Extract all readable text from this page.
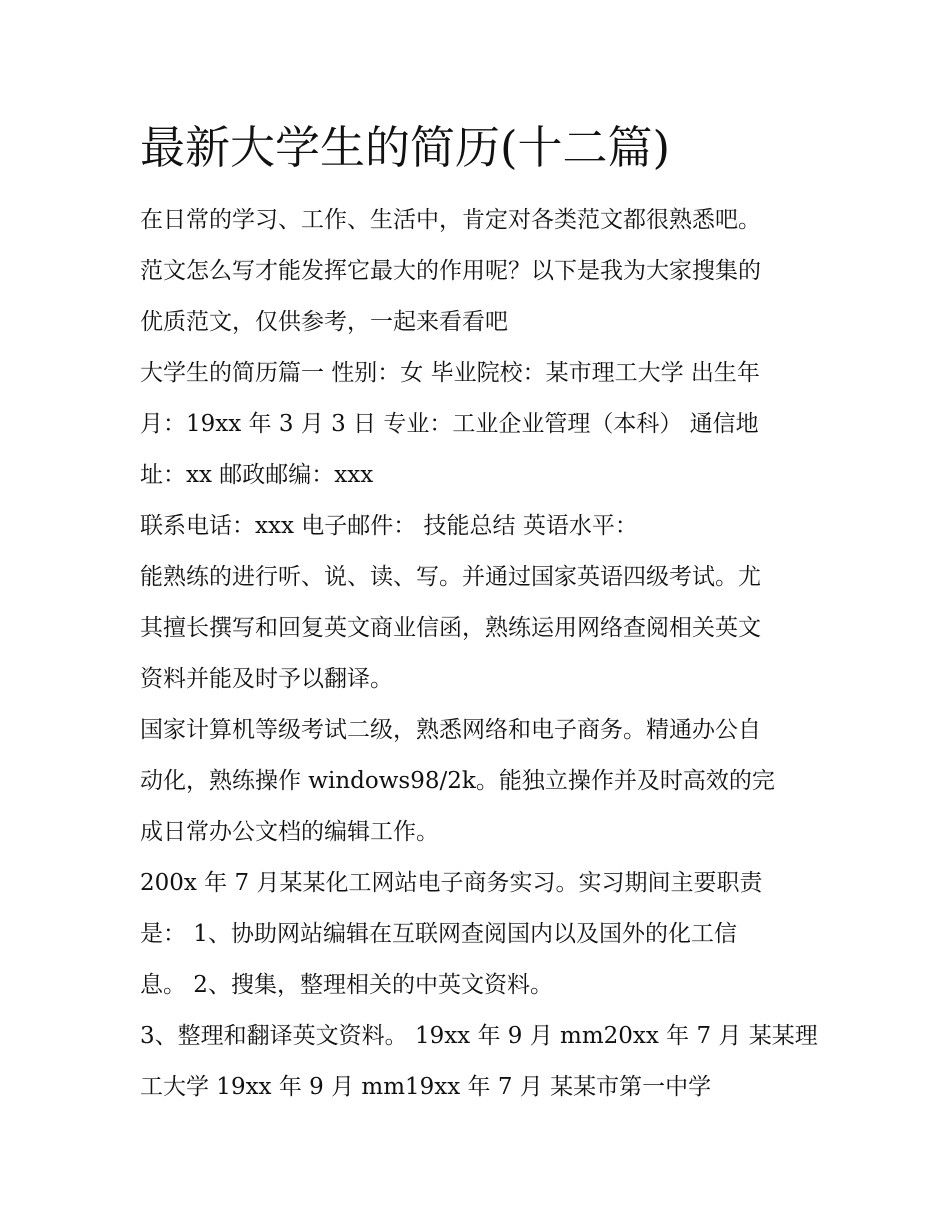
最新大学生的简历(十二篇)
在日常的学习、工作、生活中，肯定对各类范文都很熟悉吧。
范文怎么写才能发挥它最大的作用呢？以下是我为大家搜集的
优质范文，仅供参考，一起来看看吧
大学生的简历篇一 性别：女 毕业院校：某市理工大学 出生年
月：19xx 年 3 月 3 日 专业：工业企业管理（本科） 通信地
址：xx 邮政邮编：xxx
联系电话：xxx 电子邮件： 技能总结 英语水平：
能熟练的进行听、说、读、写。并通过国家英语四级考试。尤
其擅长撰写和回复英文商业信函，熟练运用网络查阅相关英文
资料并能及时予以翻译。
国家计算机等级考试二级，熟悉网络和电子商务。精通办公自
动化，熟练操作 windows98/2k。能独立操作并及时高效的完
成日常办公文档的编辑工作。
200x 年 7 月某某化工网站电子商务实习。实习期间主要职责
是： 1、协助网站编辑在互联网查阅国内以及国外的化工信
息。 2、搜集，整理相关的中英文资料。
3、整理和翻译英文资料。 19xx 年 9 月 mm20xx 年 7 月 某某理
工大学 19xx 年 9 月 mm19xx 年 7 月 某某市第一中学
